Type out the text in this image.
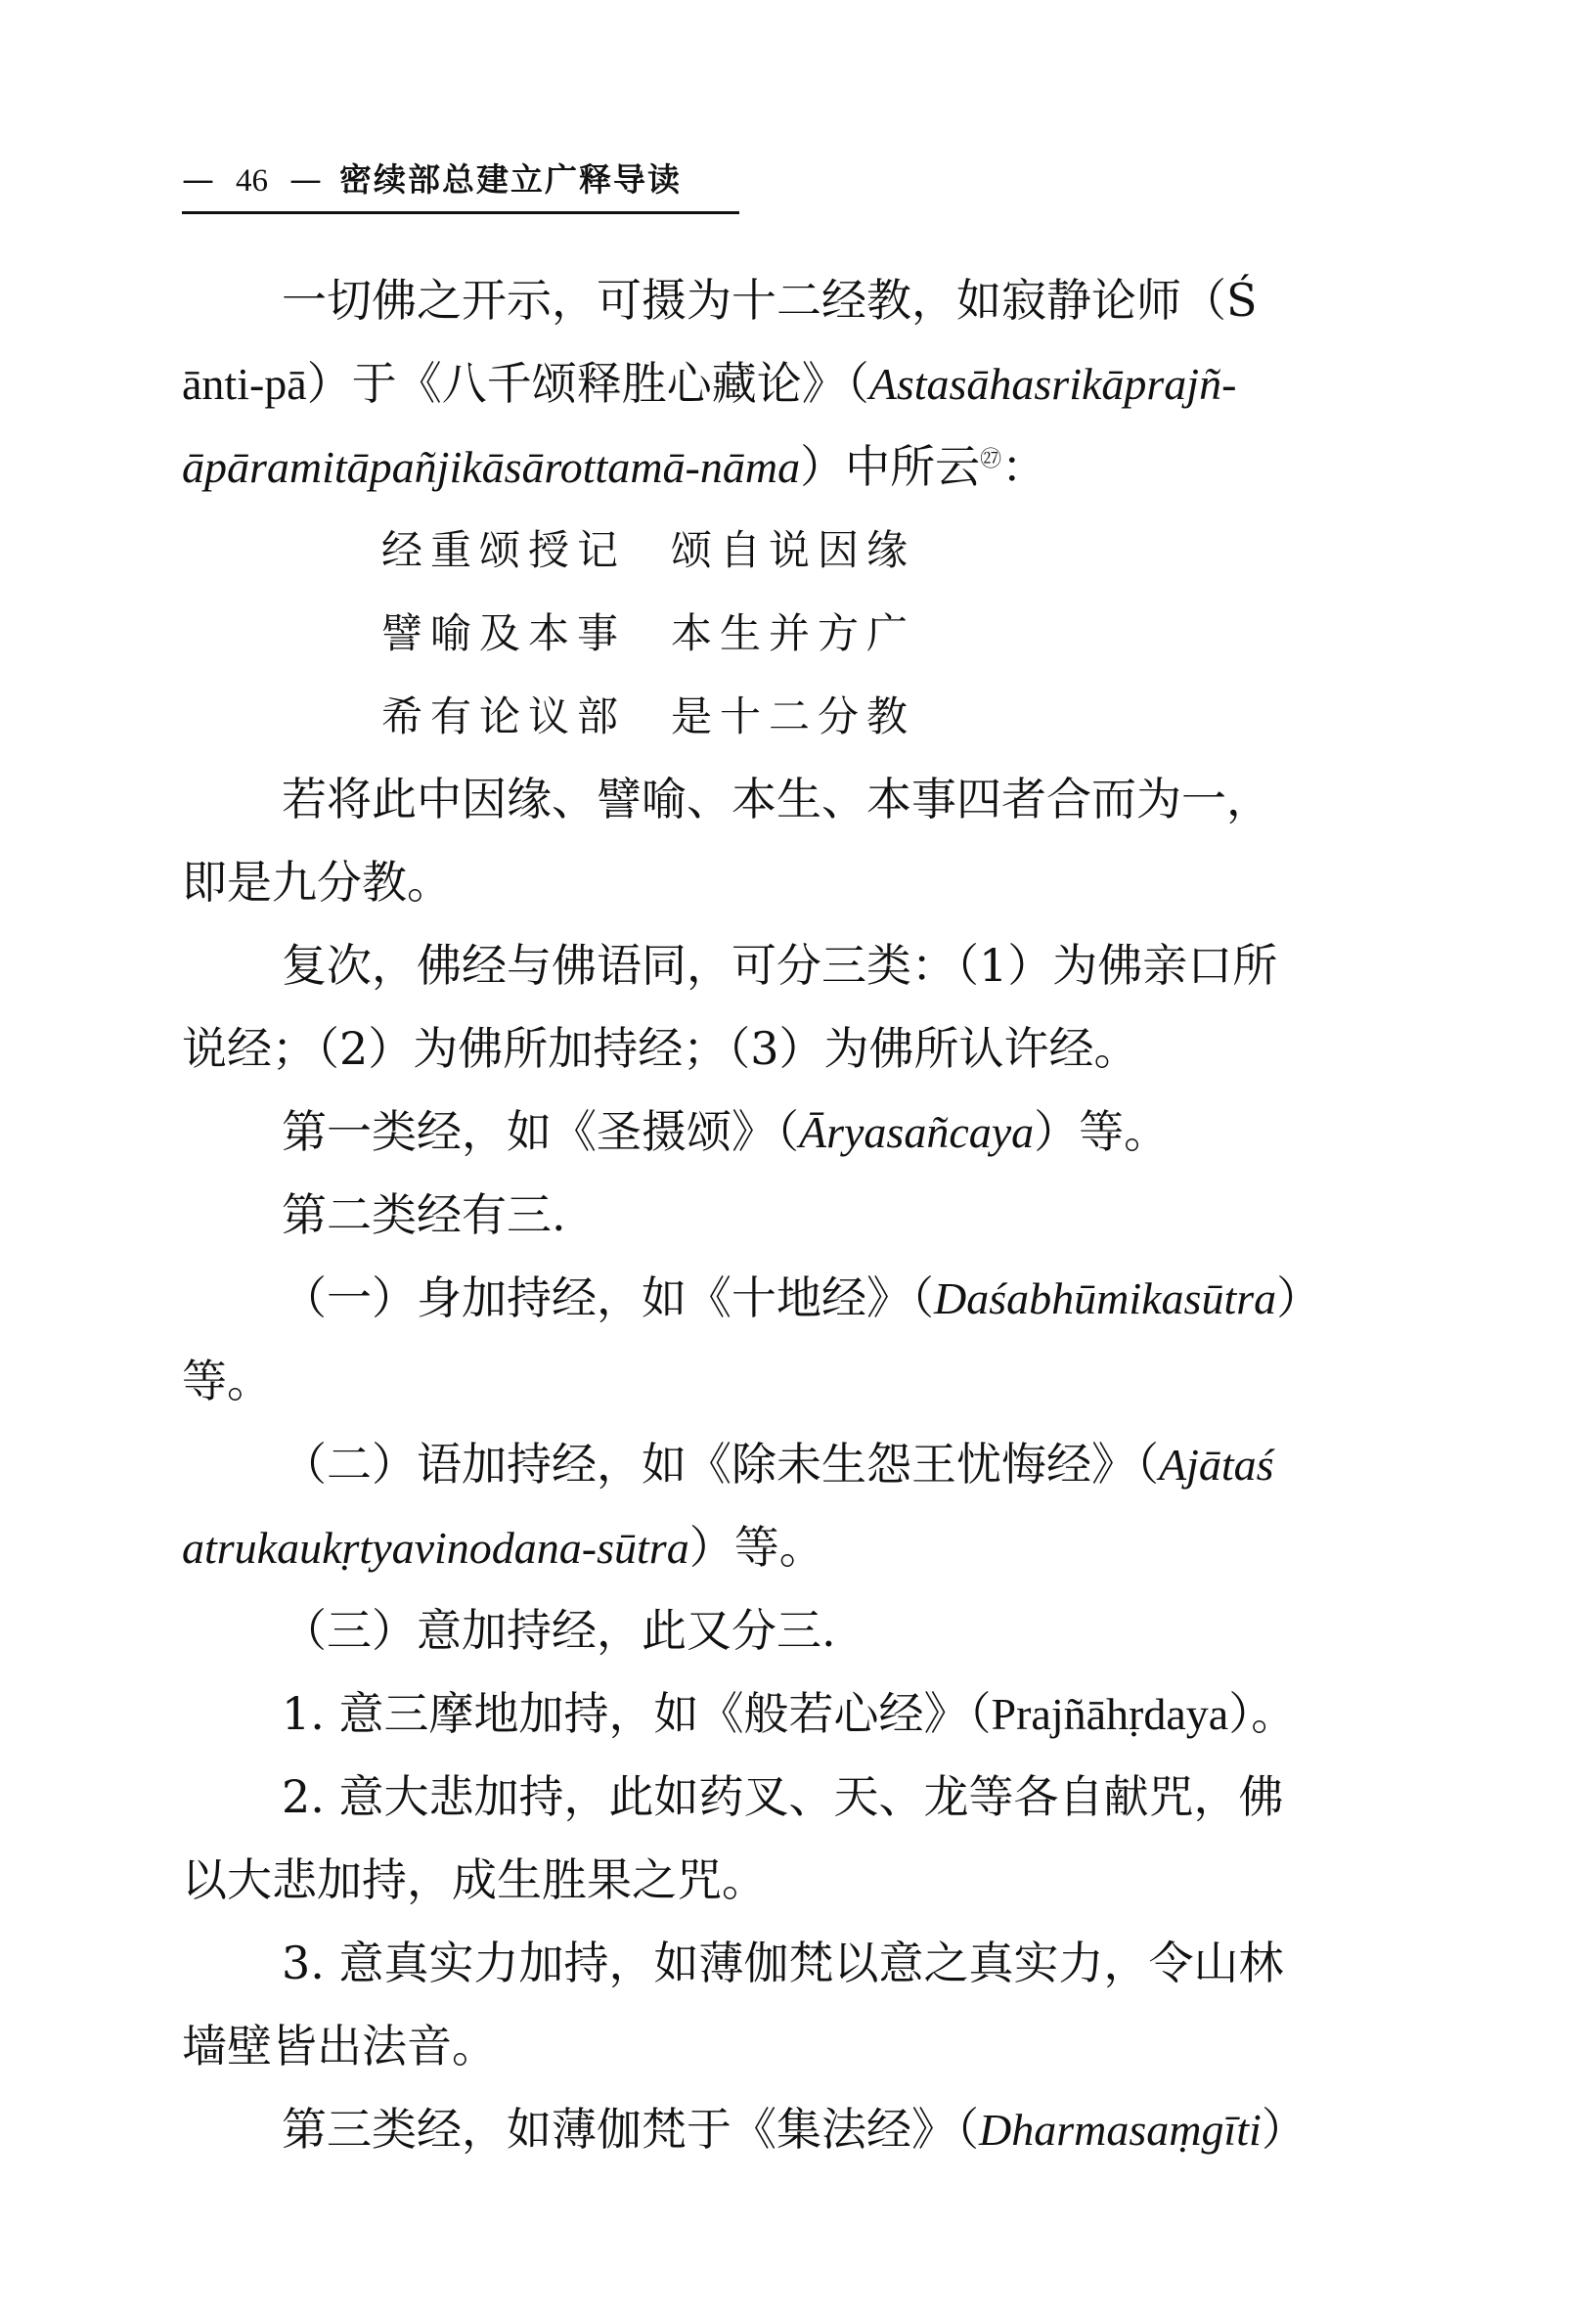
— 46 — 密续部总建立广释导读
一切佛之开示，可摄为十二经教，如寂静论师（Ś
ānti-pā）于《八千颂释胜心藏论》（Astasāhasrikāprajñ-
āpāramitāpañjikāsārottamā-nāma）中所云$^㉗$：
经重颂授记 颂自说因缘
譬喻及本事 本生并方广
希有论议部 是十二分教
若将此中因缘、譬喻、本生、本事四者合而为一，
即是九分教。
复次，佛经与佛语同，可分三类：（1）为佛亲口所
说经；（2）为佛所加持经；（3）为佛所认许经。
第一类经，如《圣摄颂》（Āryasañcaya）等。
第二类经有三.
（一）身加持经，如《十地经》（Daśabhūmikasūtra）
等。
（二）语加持经，如《除未生怨王忧悔经》（Ajātaś
atrukaukṛtyavinodana-sūtra）等。
（三）意加持经，此又分三.
1. 意三摩地加持，如《般若心经》（Prajñāhṛdaya）。
2. 意大悲加持，此如药叉、天、龙等各自献咒，佛
以大悲加持，成生胜果之咒。
3. 意真实力加持，如薄伽梵以意之真实力，令山林
墙壁皆出法音。
第三类经，如薄伽梵于《集法经》（Dharmasaṃgīti）
